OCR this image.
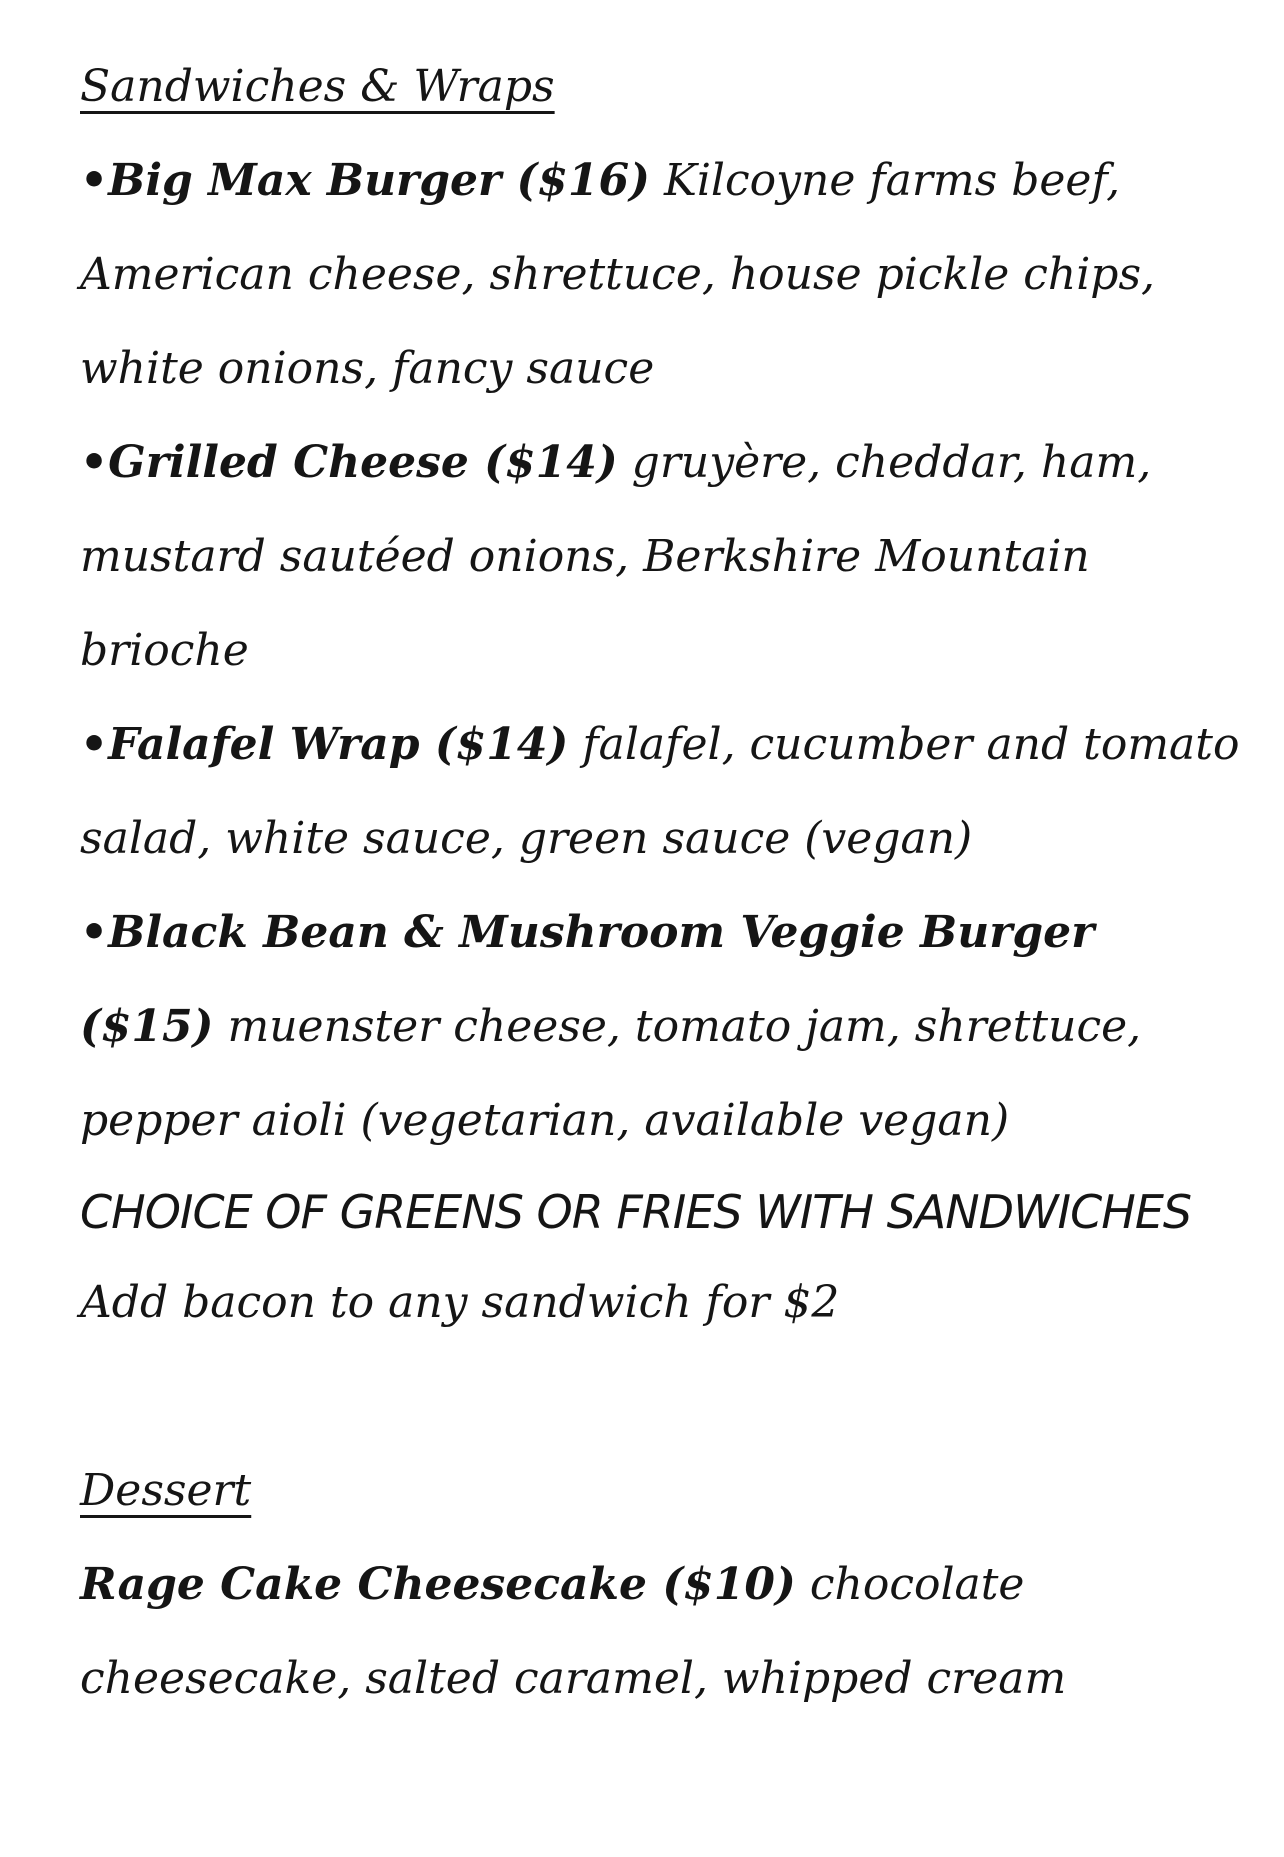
Sandwiches & Wraps

•Big Max Burger ($16) Kilcoyne farms beef, American cheese, shrettuce, house pickle chips, white onions, fancy sauce

•Grilled Cheese ($14) gruyère, cheddar, ham, mustard sautéed onions, Berkshire Mountain brioche

•Falafel Wrap ($14) falafel, cucumber and tomato salad, white sauce, green sauce (vegan)

•Black Bean & Mushroom Veggie Burger ($15) muenster cheese, tomato jam, shrettuce, pepper aioli (vegetarian, available vegan)

CHOICE OF GREENS OR FRIES WITH SANDWICHES

Add bacon to any sandwich for $2

Dessert

Rage Cake Cheesecake ($10) chocolate cheesecake, salted caramel, whipped cream
